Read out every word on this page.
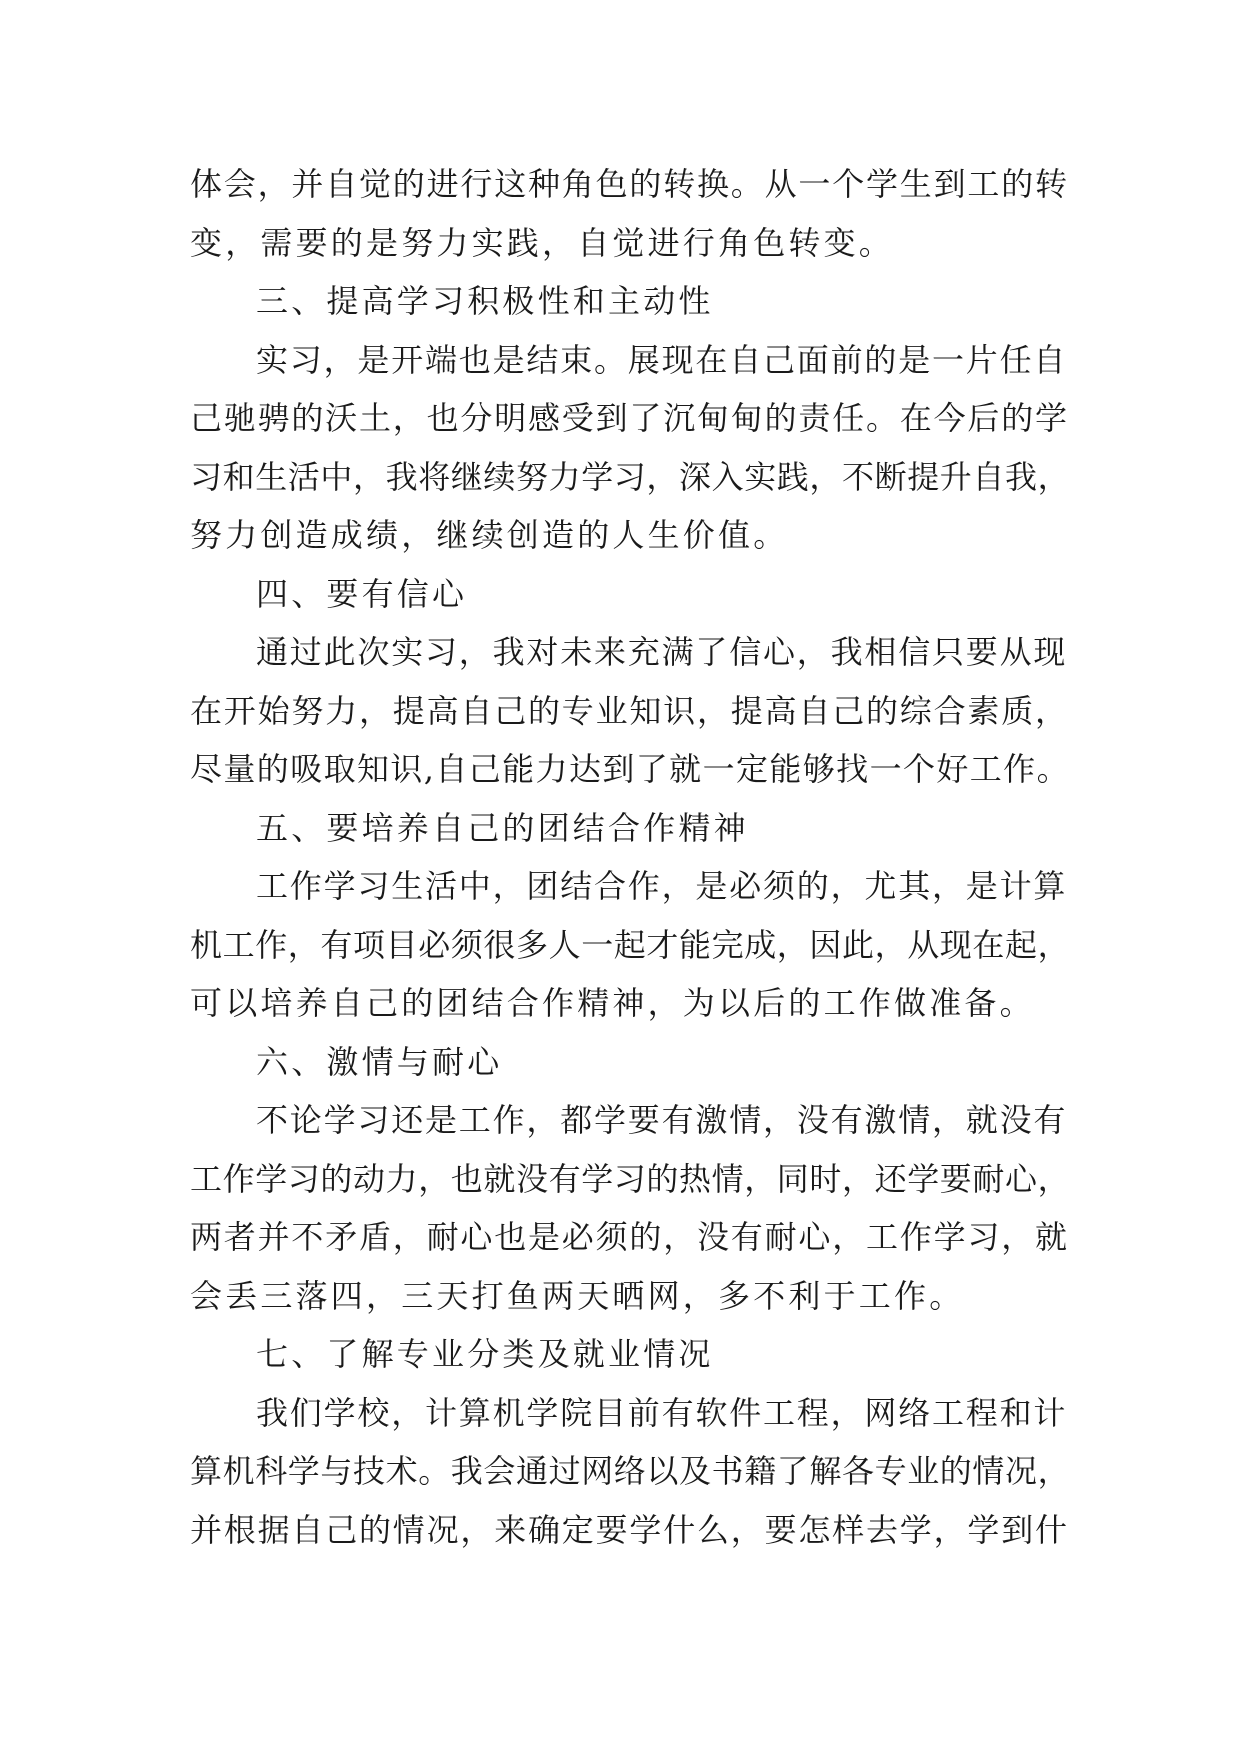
体会，并自觉的进行这种角色的转换。从一个学生到工的转
变，需要的是努力实践，自觉进行角色转变。
三、提高学习积极性和主动性
实习，是开端也是结束。展现在自己面前的是一片任自
己驰骋的沃土，也分明感受到了沉甸甸的责任。在今后的学
习和生活中，我将继续努力学习，深入实践，不断提升自我，
努力创造成绩，继续创造的人生价值。
四、要有信心
通过此次实习，我对未来充满了信心，我相信只要从现
在开始努力，提高自己的专业知识，提高自己的综合素质，
尽量的吸取知识,自己能力达到了就一定能够找一个好工作。
五、要培养自己的团结合作精神
工作学习生活中，团结合作，是必须的，尤其，是计算
机工作，有项目必须很多人一起才能完成，因此，从现在起，
可以培养自己的团结合作精神，为以后的工作做准备。
六、激情与耐心
不论学习还是工作，都学要有激情，没有激情，就没有
工作学习的动力，也就没有学习的热情，同时，还学要耐心，
两者并不矛盾，耐心也是必须的，没有耐心，工作学习，就
会丢三落四，三天打鱼两天晒网，多不利于工作。
七、了解专业分类及就业情况
我们学校，计算机学院目前有软件工程，网络工程和计
算机科学与技术。我会通过网络以及书籍了解各专业的情况，
并根据自己的情况，来确定要学什么，要怎样去学，学到什
